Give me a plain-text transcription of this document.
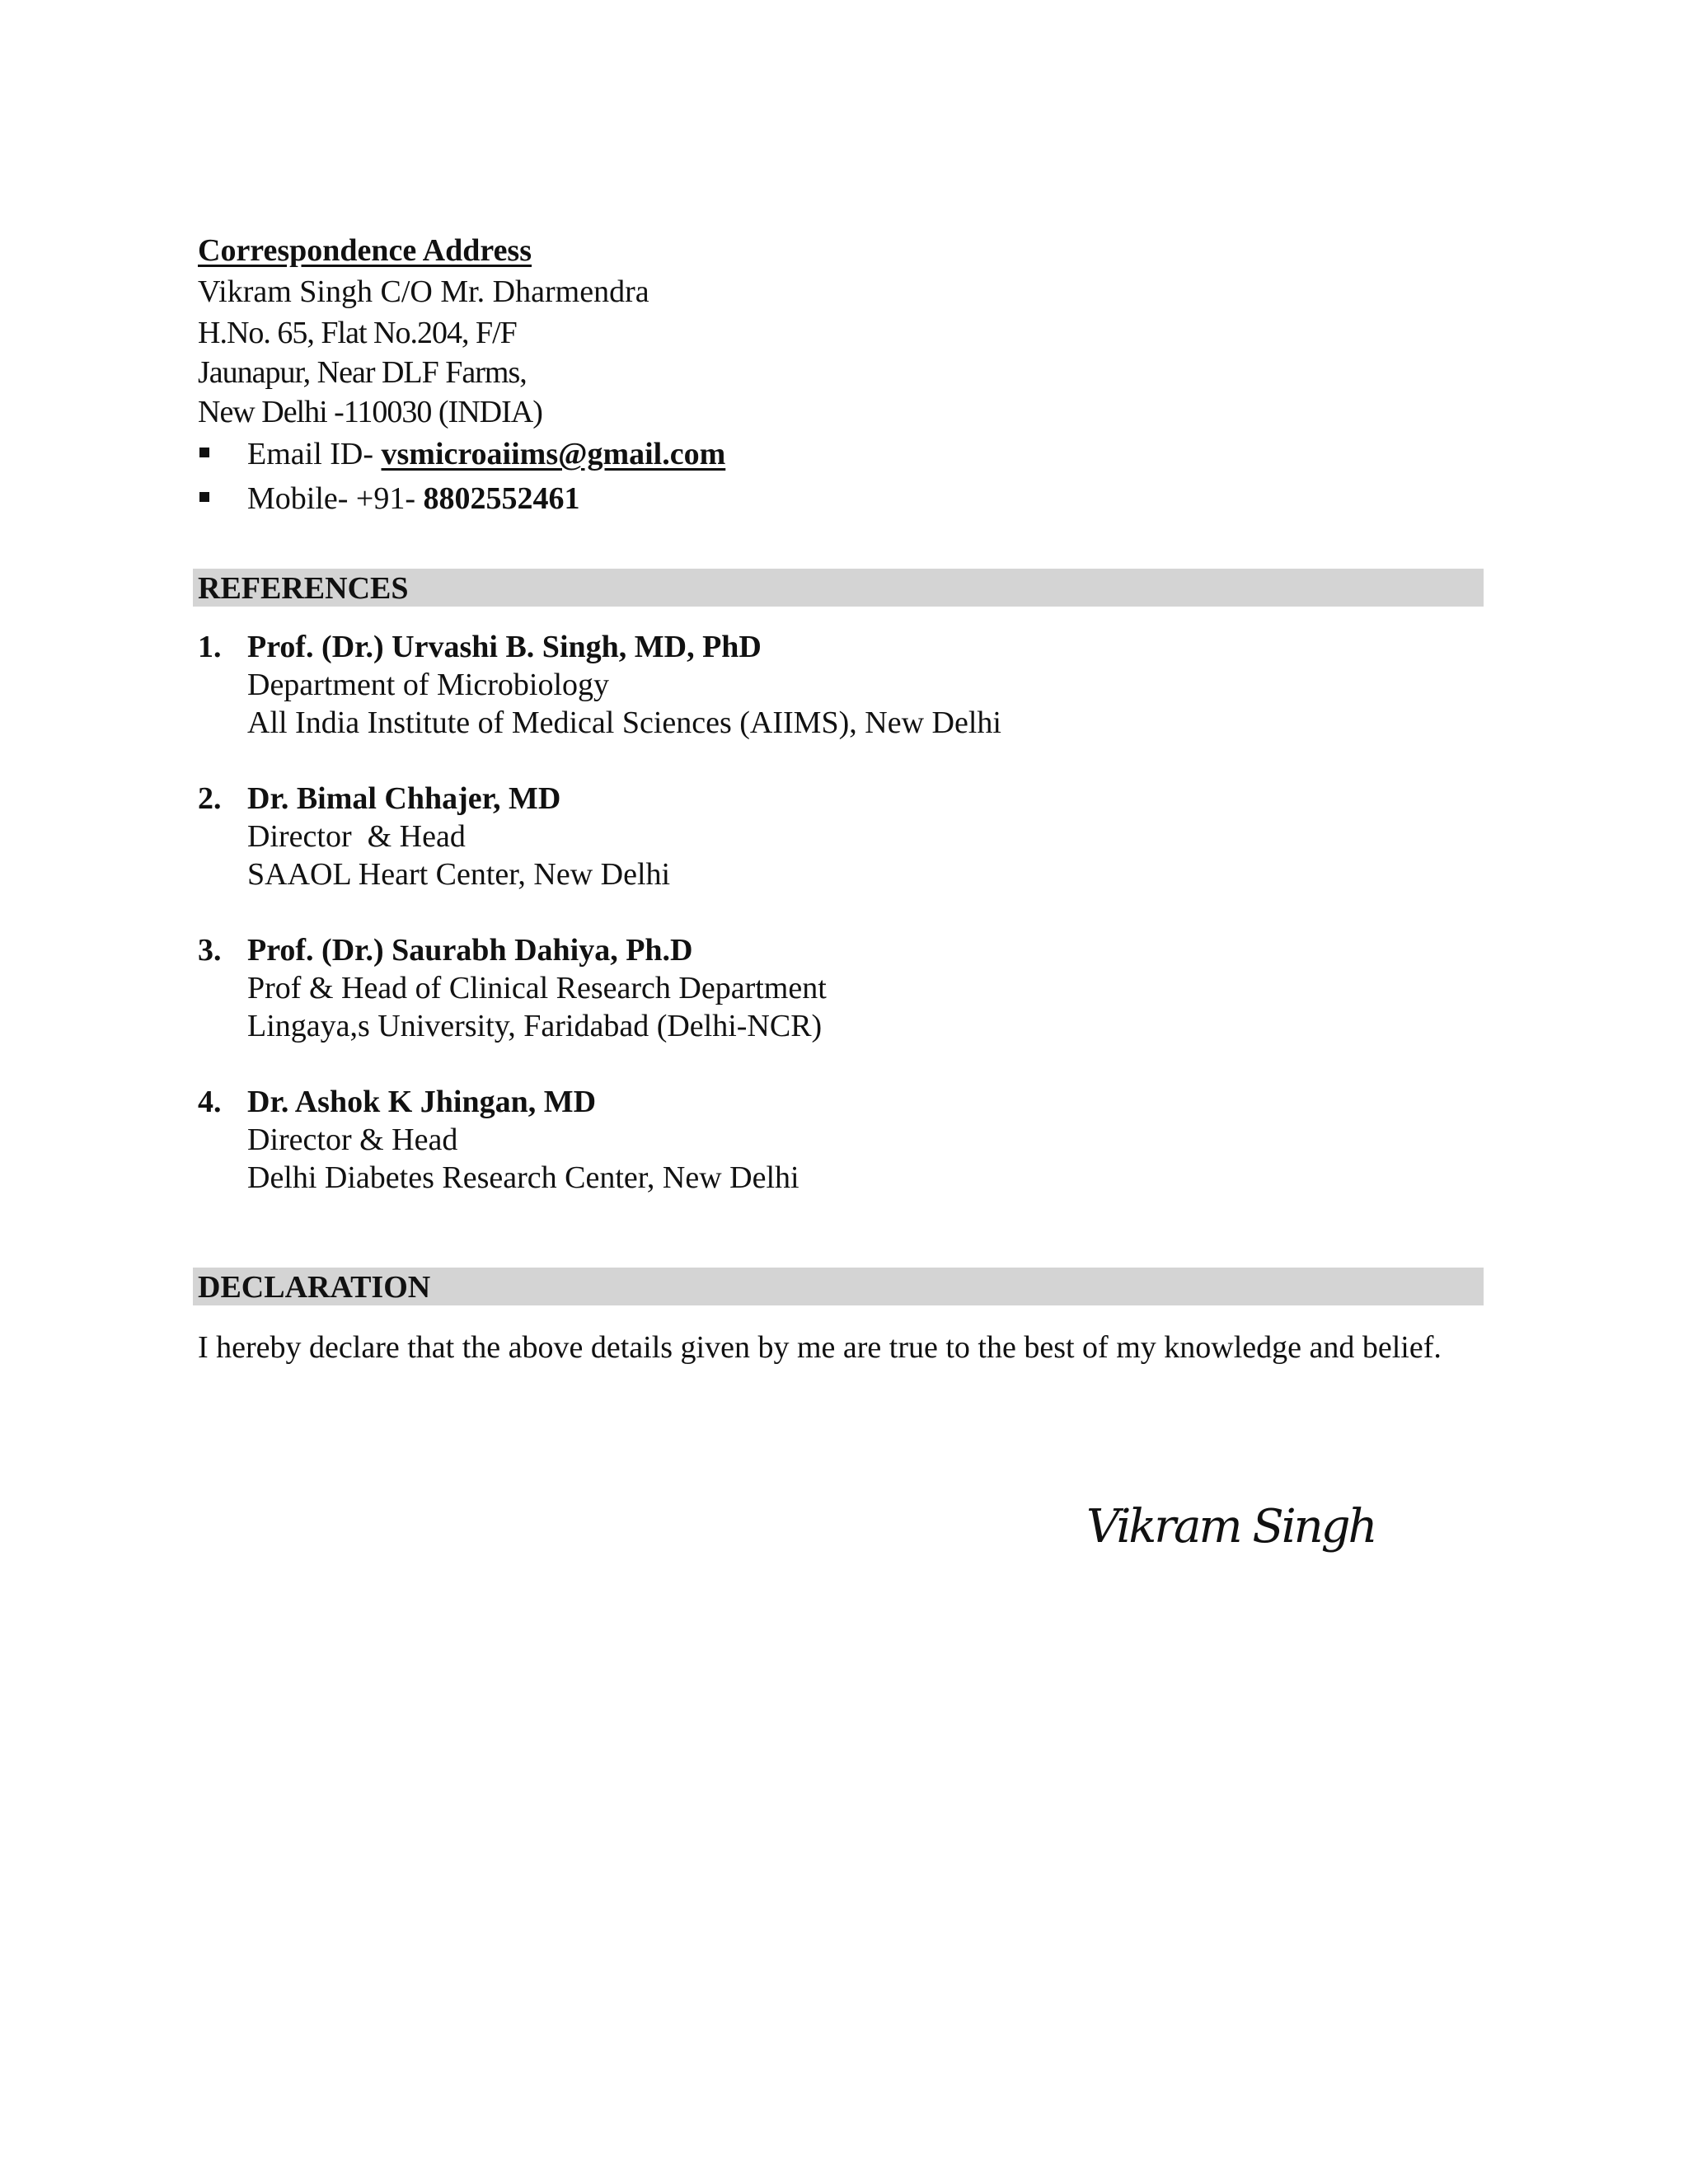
Correspondence Address
Vikram Singh C/O Mr. Dharmendra
H.No. 65, Flat No.204, F/F
Jaunapur, Near DLF Farms,
New Delhi -110030 (INDIA)
Email ID- vsmicroaiims@gmail.com
Mobile- +91- 8802552461
REFERENCES
1. Prof. (Dr.) Urvashi B. Singh, MD, PhD
Department of Microbiology
All India Institute of Medical Sciences (AIIMS), New Delhi
2. Dr. Bimal Chhajer, MD
Director  & Head
SAAOL Heart Center, New Delhi
3. Prof. (Dr.) Saurabh Dahiya, Ph.D
Prof & Head of Clinical Research Department
Lingaya,s University, Faridabad (Delhi-NCR)
4. Dr. Ashok K Jhingan, MD
Director & Head
Delhi Diabetes Research Center, New Delhi
DECLARATION
I hereby declare that the above details given by me are true to the best of my knowledge and belief.
Vikram Singh
